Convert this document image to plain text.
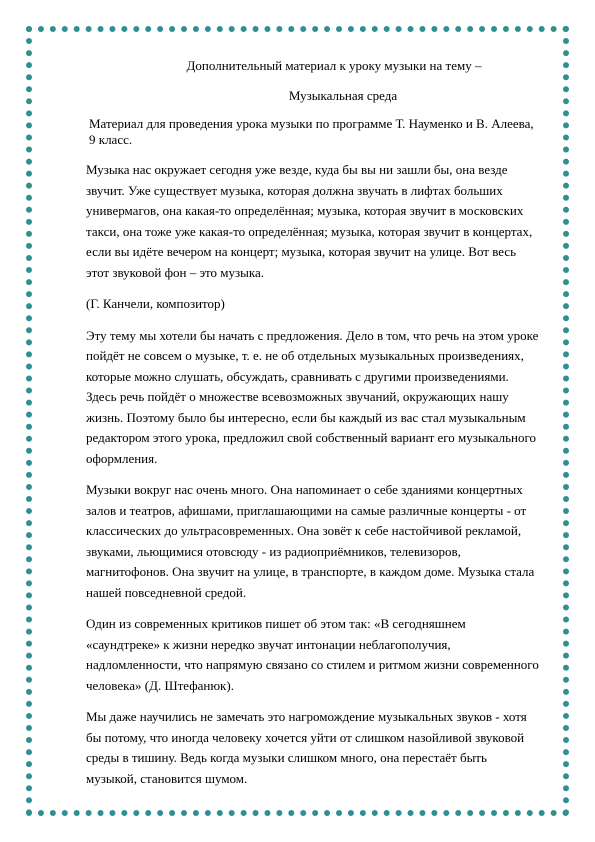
Дополнительный материал к уроку музыки на тему –

Музыкальная среда

Материал для проведения урока музыки по программе Т. Науменко и В. Алеева, 9 класс.

Музыка нас окружает сегодня уже везде, куда бы вы ни зашли бы, она везде звучит. Уже существует музыка, которая должна звучать в лифтах больших универмагов, она какая-то определённая; музыка, которая звучит в московских такси, она тоже уже какая-то определённая; музыка, которая звучит в концертах, если вы идёте вечером на концерт; музыка, которая звучит на улице. Вот весь этот звуковой фон – это музыка.

(Г. Канчели, композитор)

Эту тему мы хотели бы начать с предложения. Дело в том, что речь на этом уроке пойдёт не совсем о музыке, т. е. не об отдельных музыкальных произведениях, которые можно слушать, обсуждать, сравнивать с другими произведениями. Здесь речь пойдёт о множестве всевозможных звучаний, окружающих нашу жизнь. Поэтому было бы интересно, если бы каждый из вас стал музыкальным редактором этого урока, предложил свой собственный вариант его музыкального оформления.

Музыки вокруг нас очень много. Она напоминает о себе зданиями концертных залов и театров, афишами, приглашающими на самые различные концерты - от классических до ультрасовременных. Она зовёт к себе настойчивой рекламой, звуками, льющимися отовсюду - из радиоприёмников, телевизоров, магнитофонов. Она звучит на улице, в транспорте, в каждом доме. Музыка стала нашей повседневной средой.

Один из современных критиков пишет об этом так: «В сегодняшнем «саундтреке» к жизни нередко звучат интонации неблагополучия, надломленности, что напрямую связано со стилем и ритмом жизни современного человека» (Д. Штефанюк).

Мы даже научились не замечать это нагромождение музыкальных звуков - хотя бы потому, что иногда человеку хочется уйти от слишком назойливой звуковой среды в тишину. Ведь когда музыки слишком много, она перестаёт быть музыкой, становится шумом.
